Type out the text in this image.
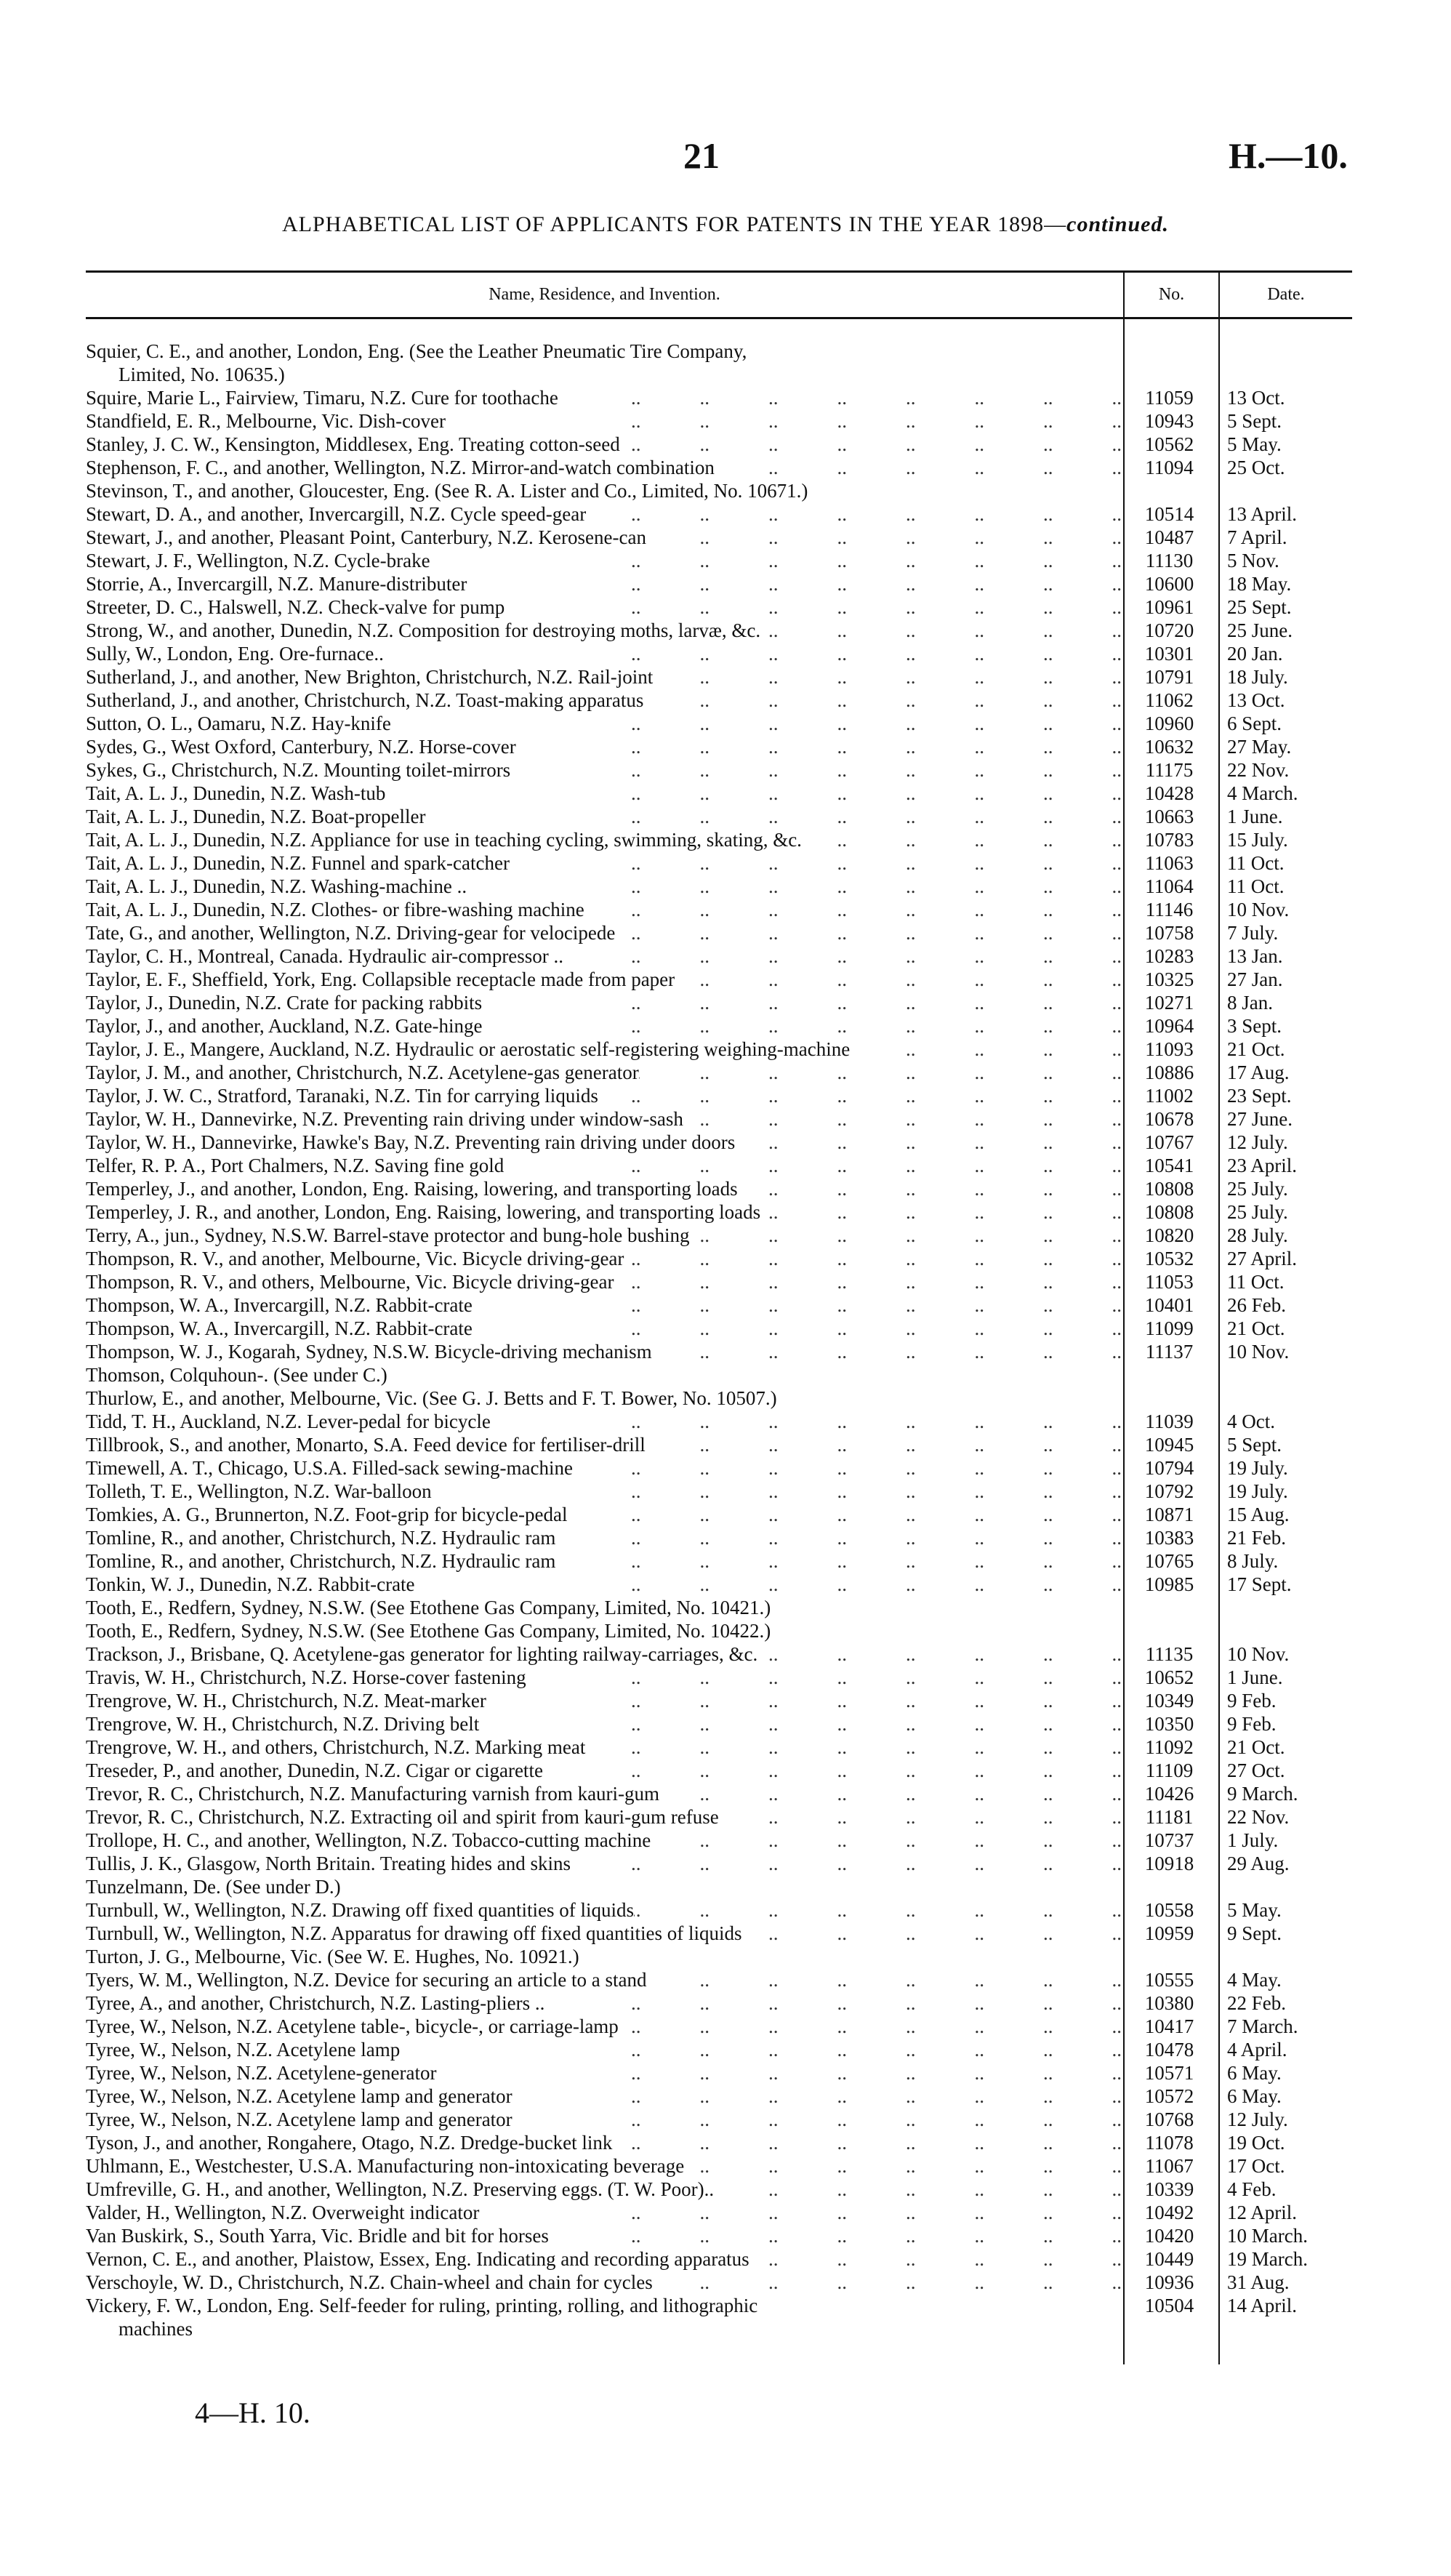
21	H.—10.
ALPHABETICAL LIST OF APPLICANTS FOR PATENTS IN THE YEAR 1898—continued.
Name, Residence, and Invention.	No.	Date.
Squier, C. E., and another, London, Eng. (See the Leather Pneumatic Tire Company,
Limited, No. 10635.)
Squire, Marie L., Fairview, Timaru, N.Z. Cure for toothache ..	11059	13 Oct.
Standfield, E. R., Melbourne, Vic. Dish-cover ..	10943	5 Sept.
Stanley, J. C. W., Kensington, Middlesex, Eng. Treating cotton-seed ..	10562	5 May.
Stephenson, F. C., and another, Wellington, N.Z. Mirror-and-watch combination ..	11094	25 Oct.
Stevinson, T., and another, Gloucester, Eng. (See R. A. Lister and Co., Limited, No. 10671.)
Stewart, D. A., and another, Invercargill, N.Z. Cycle speed-gear ..	10514	13 April.
Stewart, J., and another, Pleasant Point, Canterbury, N.Z. Kerosene-can ..	10487	7 April.
Stewart, J. F., Wellington, N.Z. Cycle-brake ..	11130	5 Nov.
Storrie, A., Invercargill, N.Z. Manure-distributer ..	10600	18 May.
Streeter, D. C., Halswell, N.Z. Check-valve for pump ..	10961	25 Sept.
Strong, W., and another, Dunedin, N.Z. Composition for destroying moths, larvæ, &c. ..	10720	25 June.
Sully, W., London, Eng. Ore-furnace.. ..	10301	20 Jan.
Sutherland, J., and another, New Brighton, Christchurch, N.Z. Rail-joint ..	10791	18 July.
Sutherland, J., and another, Christchurch, N.Z. Toast-making apparatus ..	11062	13 Oct.
Sutton, O. L., Oamaru, N.Z. Hay-knife ..	10960	6 Sept.
Sydes, G., West Oxford, Canterbury, N.Z. Horse-cover ..	10632	27 May.
Sykes, G., Christchurch, N.Z. Mounting toilet-mirrors ..	11175	22 Nov.
Tait, A. L. J., Dunedin, N.Z. Wash-tub ..	10428	4 March.
Tait, A. L. J., Dunedin, N.Z. Boat-propeller ..	10663	1 June.
Tait, A. L. J., Dunedin, N.Z. Appliance for use in teaching cycling, swimming, skating, &c. ..	10783	15 July.
Tait, A. L. J., Dunedin, N.Z. Funnel and spark-catcher ..	11063	11 Oct.
Tait, A. L. J., Dunedin, N.Z. Washing-machine .. ..	11064	11 Oct.
Tait, A. L. J., Dunedin, N.Z. Clothes- or fibre-washing machine ..	11146	10 Nov.
Tate, G., and another, Wellington, N.Z. Driving-gear for velocipede ..	10758	7 July.
Taylor, C. H., Montreal, Canada. Hydraulic air-compressor .. ..	10283	13 Jan.
Taylor, E. F., Sheffield, York, Eng. Collapsible receptacle made from paper ..	10325	27 Jan.
Taylor, J., Dunedin, N.Z. Crate for packing rabbits ..	10271	8 Jan.
Taylor, J., and another, Auckland, N.Z. Gate-hinge ..	10964	3 Sept.
Taylor, J. E., Mangere, Auckland, N.Z. Hydraulic or aerostatic self-registering weighing-machine ..	11093	21 Oct.
Taylor, J. M., and another, Christchurch, N.Z. Acetylene-gas generator ..	10886	17 Aug.
Taylor, J. W. C., Stratford, Taranaki, N.Z. Tin for carrying liquids ..	11002	23 Sept.
Taylor, W. H., Dannevirke, N.Z. Preventing rain driving under window-sash ..	10678	27 June.
Taylor, W. H., Dannevirke, Hawke's Bay, N.Z. Preventing rain driving under doors ..	10767	12 July.
Telfer, R. P. A., Port Chalmers, N.Z. Saving fine gold ..	10541	23 April.
Temperley, J., and another, London, Eng. Raising, lowering, and transporting loads ..	10808	25 July.
Temperley, J. R., and another, London, Eng. Raising, lowering, and transporting loads ..	10808	25 July.
Terry, A., jun., Sydney, N.S.W. Barrel-stave protector and bung-hole bushing ..	10820	28 July.
Thompson, R. V., and another, Melbourne, Vic. Bicycle driving-gear ..	10532	27 April.
Thompson, R. V., and others, Melbourne, Vic. Bicycle driving-gear ..	11053	11 Oct.
Thompson, W. A., Invercargill, N.Z. Rabbit-crate ..	10401	26 Feb.
Thompson, W. A., Invercargill, N.Z. Rabbit-crate ..	11099	21 Oct.
Thompson, W. J., Kogarah, Sydney, N.S.W. Bicycle-driving mechanism ..	11137	10 Nov.
Thomson, Colquhoun-. (See under C.)
Thurlow, E., and another, Melbourne, Vic. (See G. J. Betts and F. T. Bower, No. 10507.)
Tidd, T. H., Auckland, N.Z. Lever-pedal for bicycle ..	11039	4 Oct.
Tillbrook, S., and another, Monarto, S.A. Feed device for fertiliser-drill ..	10945	5 Sept.
Timewell, A. T., Chicago, U.S.A. Filled-sack sewing-machine ..	10794	19 July.
Tolleth, T. E., Wellington, N.Z. War-balloon ..	10792	19 July.
Tomkies, A. G., Brunnerton, N.Z. Foot-grip for bicycle-pedal ..	10871	15 Aug.
Tomline, R., and another, Christchurch, N.Z. Hydraulic ram ..	10383	21 Feb.
Tomline, R., and another, Christchurch, N.Z. Hydraulic ram ..	10765	8 July.
Tonkin, W. J., Dunedin, N.Z. Rabbit-crate ..	10985	17 Sept.
Tooth, E., Redfern, Sydney, N.S.W. (See Etothene Gas Company, Limited, No. 10421.)
Tooth, E., Redfern, Sydney, N.S.W. (See Etothene Gas Company, Limited, No. 10422.)
Trackson, J., Brisbane, Q. Acetylene-gas generator for lighting railway-carriages, &c. ..	11135	10 Nov.
Travis, W. H., Christchurch, N.Z. Horse-cover fastening ..	10652	1 June.
Trengrove, W. H., Christchurch, N.Z. Meat-marker ..	10349	9 Feb.
Trengrove, W. H., Christchurch, N.Z. Driving belt ..	10350	9 Feb.
Trengrove, W. H., and others, Christchurch, N.Z. Marking meat ..	11092	21 Oct.
Treseder, P., and another, Dunedin, N.Z. Cigar or cigarette ..	11109	27 Oct.
Trevor, R. C., Christchurch, N.Z. Manufacturing varnish from kauri-gum ..	10426	9 March.
Trevor, R. C., Christchurch, N.Z. Extracting oil and spirit from kauri-gum refuse ..	11181	22 Nov.
Trollope, H. C., and another, Wellington, N.Z. Tobacco-cutting machine ..	10737	1 July.
Tullis, J. K., Glasgow, North Britain. Treating hides and skins ..	10918	29 Aug.
Tunzelmann, De. (See under D.)
Turnbull, W., Wellington, N.Z. Drawing off fixed quantities of liquids ..	10558	5 May.
Turnbull, W., Wellington, N.Z. Apparatus for drawing off fixed quantities of liquids ..	10959	9 Sept.
Turton, J. G., Melbourne, Vic. (See W. E. Hughes, No. 10921.)
Tyers, W. M., Wellington, N.Z. Device for securing an article to a stand ..	10555	4 May.
Tyree, A., and another, Christchurch, N.Z. Lasting-pliers .. ..	10380	22 Feb.
Tyree, W., Nelson, N.Z. Acetylene table-, bicycle-, or carriage-lamp ..	10417	7 March.
Tyree, W., Nelson, N.Z. Acetylene lamp ..	10478	4 April.
Tyree, W., Nelson, N.Z. Acetylene-generator ..	10571	6 May.
Tyree, W., Nelson, N.Z. Acetylene lamp and generator ..	10572	6 May.
Tyree, W., Nelson, N.Z. Acetylene lamp and generator ..	10768	12 July.
Tyson, J., and another, Rongahere, Otago, N.Z. Dredge-bucket link ..	11078	19 Oct.
Uhlmann, E., Westchester, U.S.A. Manufacturing non-intoxicating beverage ..	11067	17 Oct.
Umfreville, G. H., and another, Wellington, N.Z. Preserving eggs. (T. W. Poor).. ..	10339	4 Feb.
Valder, H., Wellington, N.Z. Overweight indicator ..	10492	12 April.
Van Buskirk, S., South Yarra, Vic. Bridle and bit for horses ..	10420	10 March.
Vernon, C. E., and another, Plaistow, Essex, Eng. Indicating and recording apparatus ..	10449	19 March.
Verschoyle, W. D., Christchurch, N.Z. Chain-wheel and chain for cycles ..	10936	31 Aug.
Vickery, F. W., London, Eng. Self-feeder for ruling, printing, rolling, and lithographic	10504	14 April.
machines
4—H. 10.
